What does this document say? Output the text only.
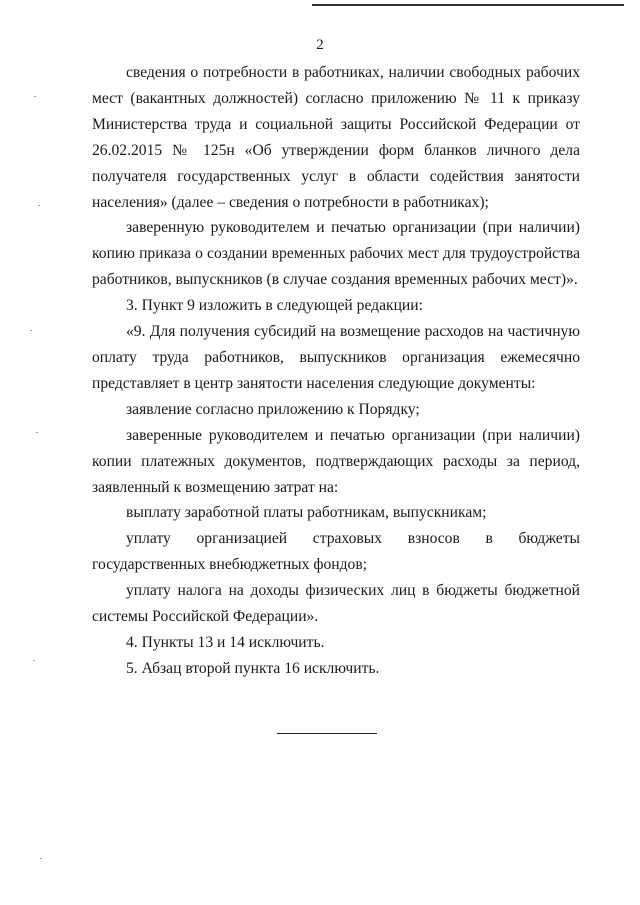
2

сведения о потребности в работниках, наличии свободных рабочих мест (вакантных должностей) согласно приложению № 11 к приказу Министерства труда и социальной защиты Российской Федерации от 26.02.2015 № 125н «Об утверждении форм бланков личного дела получателя государственных услуг в области содействия занятости населения» (далее – сведения о потребности в работниках);

заверенную руководителем и печатью организации (при наличии) копию приказа о создании временных рабочих мест для трудоустройства работников, выпускников (в случае создания временных рабочих мест)».

3. Пункт 9 изложить в следующей редакции:

«9. Для получения субсидий на возмещение расходов на частичную оплату труда работников, выпускников организация ежемесячно представляет в центр занятости населения следующие документы:

заявление согласно приложению к Порядку;

заверенные руководителем и печатью организации (при наличии) копии платежных документов, подтверждающих расходы за период, заявленный к возмещению затрат на:

выплату заработной платы работникам, выпускникам;

уплату организацией страховых взносов в бюджеты государственных внебюджетных фондов;

уплату налога на доходы физических лиц в бюджеты бюджетной системы Российской Федерации».

4. Пункты 13 и 14 исключить.

5. Абзац второй пункта 16 исключить.
